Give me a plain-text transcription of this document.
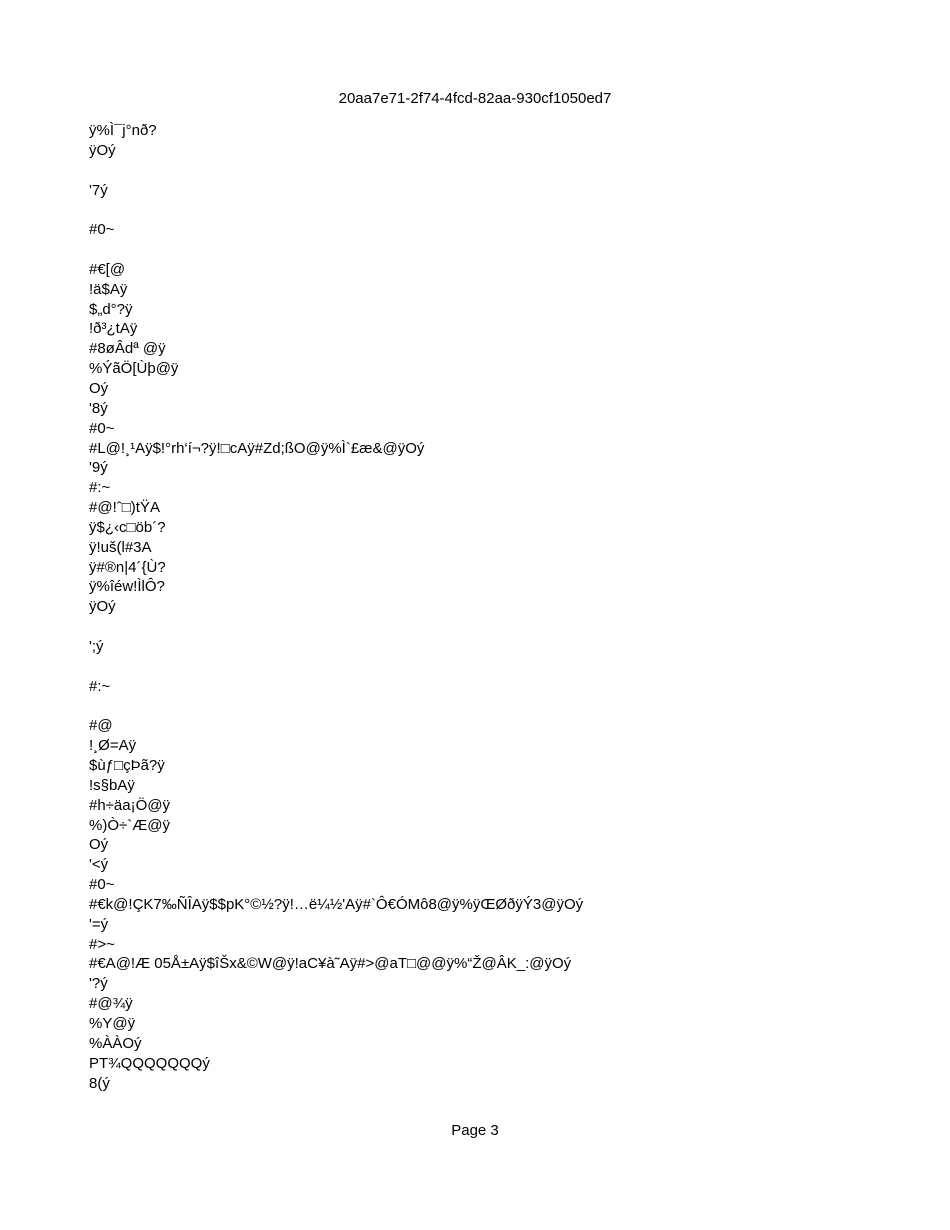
20aa7e71-2f74-4fcd-82aa-930cf1050ed7
ÿ%Ì¯j°nð?
ÿOý
'7ý
#0~
#€[@
!ä$Aÿ
$„d°?ÿ
!ð³¿tAÿ
#8øÂdª @ÿ
%ÝãÖ[Ùþ@ÿ
Oý
'8ý
#0~
#L@!¸¹Aÿ$!°rh‘í¬?ÿ!□cAÿ#Zd;ßO@ÿ%Ì`£æ&@ÿOý
'9ý
#:~
#@!ˆ□)tŸA
ÿ$¿‹c□öb´?
ÿ!uš(l#3A
ÿ#®n|4´{Ù?
ÿ%îéw!ÌlÔ?
ÿOý
';ý
#:~
#@
!¸Ø=Aÿ
$ùƒ□çÞã?ÿ
!s§bAÿ
#h÷äa¡Ö@ÿ
%)Ò÷`Æ@ÿ
Oý
'<ý
#0~
#€k@!ÇK7‰ÑÎAÿ$$pK°©½?ÿ!…ë¼½'Aÿ#`Ô€ÓMô8@ÿ%ÿŒØðÿÝ3@ÿOý
'=ý
#>~
#€A@!Æ 05Å±Aÿ$îŠx&©W@ÿ!aC¥à˜Aÿ#>@aT□@@ÿ%“Ž@ÂK_:@ÿOý
'?ý
#@¾ÿ
%Y@ÿ
%ÀÀOý
PT¾QQQQQQQý
8(ý
Page 3
